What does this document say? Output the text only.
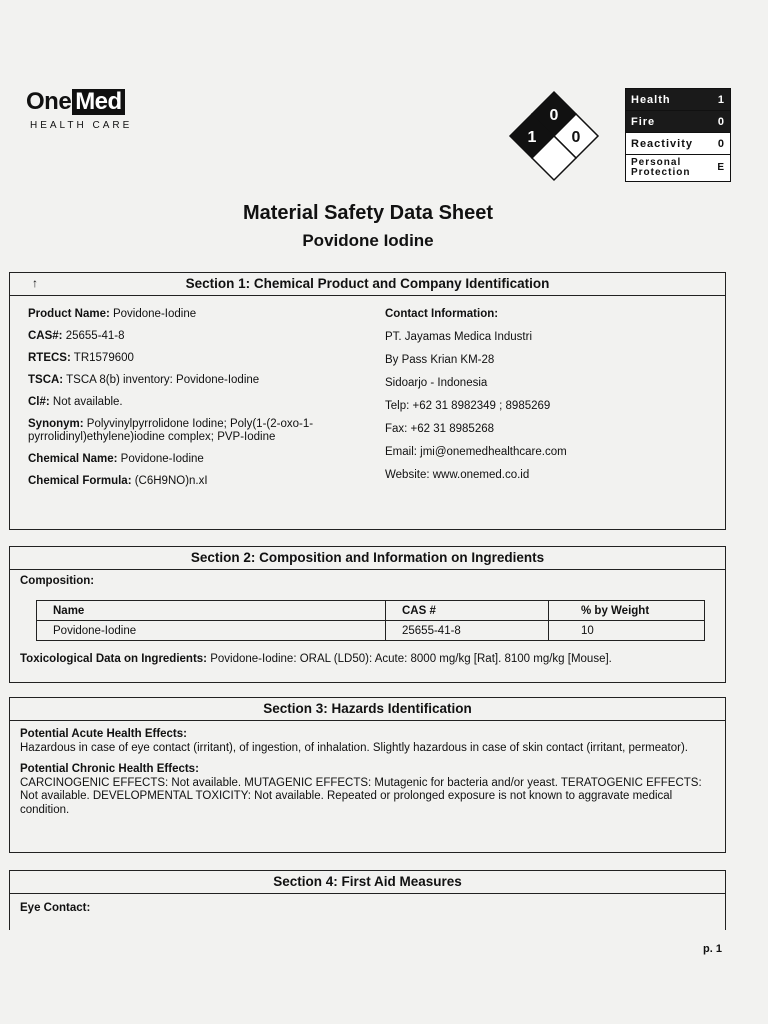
One Med
HEALTH CARE
0
1 0
Health	1
Fire	0
Reactivity 0
Personal
Protection	E
Material Safety Data Sheet
Povidone Iodine
↑	Section 1: Chemical Product and Company Identification
Product Name: Povidone-Iodine
CAS#: 25655-41-8
RTECS: TR1579600
TSCA: TSCA 8(b) inventory: Povidone-Iodine
Cl#: Not available.
Synonym: Polyvinylpyrrolidone Iodine; Poly(1-(2-oxo-1-pyrrolidinyl)ethylene)iodine complex; PVP-Iodine
Chemical Name: Povidone-Iodine
Chemical Formula: (C6H9NO)n.xI
Contact Information:
PT. Jayamas Medica Industri
By Pass Krian KM-28
Sidoarjo - Indonesia
Telp: +62 31 8982349 ; 8985269
Fax: +62 31 8985268
Email: jmi@onemedhealthcare.com
Website: www.onemed.co.id
Section 2: Composition and Information on Ingredients
Composition:
Name	CAS #	% by Weight
Povidone-Iodine	25655-41-8	10
Toxicological Data on Ingredients: Povidone-Iodine: ORAL (LD50): Acute: 8000 mg/kg [Rat]. 8100 mg/kg [Mouse].
Section 3: Hazards Identification
Potential Acute Health Effects:

Hazardous in case of eye contact (irritant), of ingestion, of inhalation. Slightly hazardous in case of skin contact (irritant, permeator).

Potential Chronic Health Effects:

CARCINOGENIC EFFECTS: Not available. MUTAGENIC EFFECTS: Mutagenic for bacteria and/or yeast. TERATOGENIC EFFECTS: Not available. DEVELOPMENTAL TOXICITY: Not available. Repeated or prolonged exposure is not known to aggravate medical condition.

Section 4: First Aid Measures
Eye Contact:
p. 1
